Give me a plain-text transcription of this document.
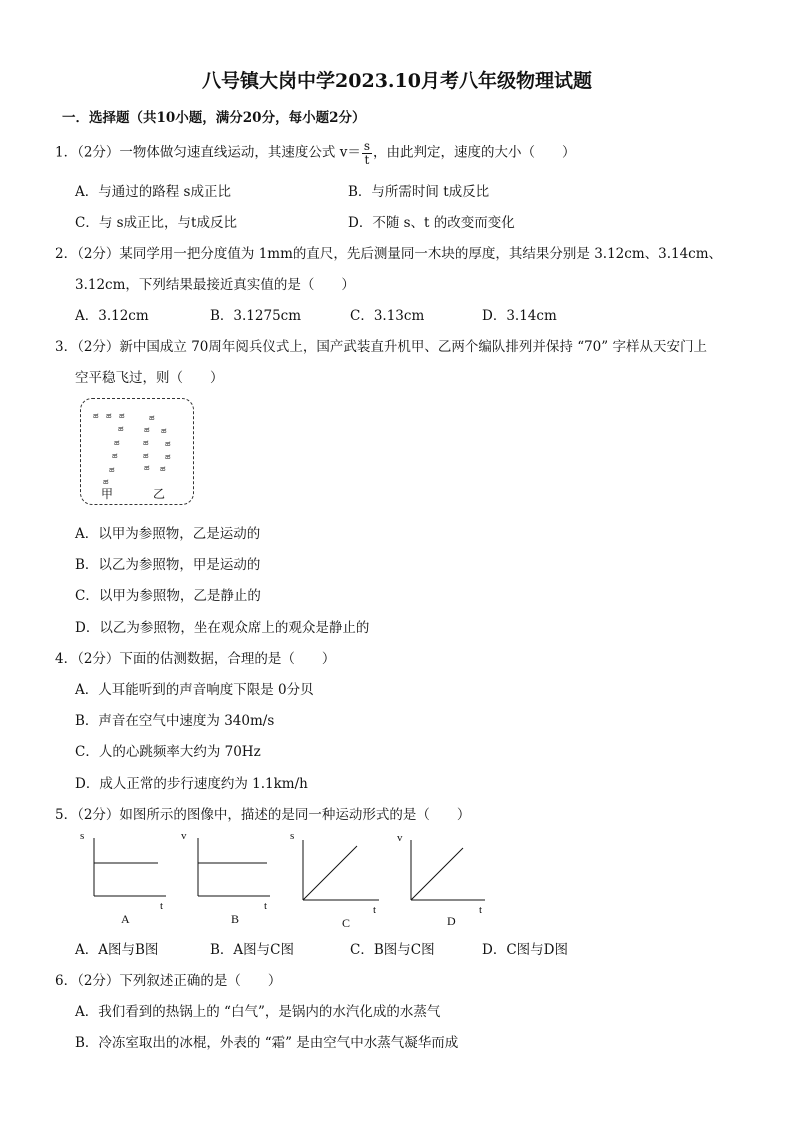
八号镇大岗中学2023.10月考八年级物理试题
一．选择题（共10小题，满分20分，每小题2分）
1．（2分）一物体做匀速直线运动，其速度公式 $v= \frac{s}{t}$ ，由此判定，速度的大小（　　）
A．与通过的路程 s成正比	B．与所需时间 t成反比
C．与 s成正比，与t成反比	D．不随 s、t 的改变而变化
2．（2分）某同学用一把分度值为 1mm的直尺，先后测量同一木块的厚度，其结果分别是 3.12cm、3.14cm、
3.12cm，下列结果最接近真实值的是（　　）
A．3.12cm	B．3.1275cm	C．3.13cm	D．3.14cm
3．（2分）新中国成立 70周年阅兵仪式上，国产武装直升机甲、乙两个编队排列并保持 “70” 字样从天安门上
空平稳飞过，则（　　）
ಹ ಹ ಹ
ಹ
ಹ
ಹ
ಹ
ಹ
ಹ
ಹ ಹ
ಹ ಹ
ಹ ಹ
ಹ ಹ
甲	乙
A．以甲为参照物，乙是运动的
B．以乙为参照物，甲是运动的
C．以甲为参照物，乙是静止的
D．以乙为参照物，坐在观众席上的观众是静止的
4．（2分）下面的估测数据，合理的是（　　）
A．人耳能听到的声音响度下限是 0分贝
B．声音在空气中速度为 340m/s
C．人的心跳频率大约为 70Hz
D．成人正常的步行速度约为 1.1km/h
5．（2分）如图所示的图像中，描述的是同一种运动形式的是（　　）
s
t
A
v
t
B
s
t
C
v
t
D
A．A图与B图	B．A图与C图	C．B图与C图	D．C图与D图
6．（2分）下列叙述正确的是（　　）
A．我们看到的热锅上的 “白气”，是锅内的水汽化成的水蒸气
B．冷冻室取出的冰棍，外表的 “霜” 是由空气中水蒸气凝华而成
